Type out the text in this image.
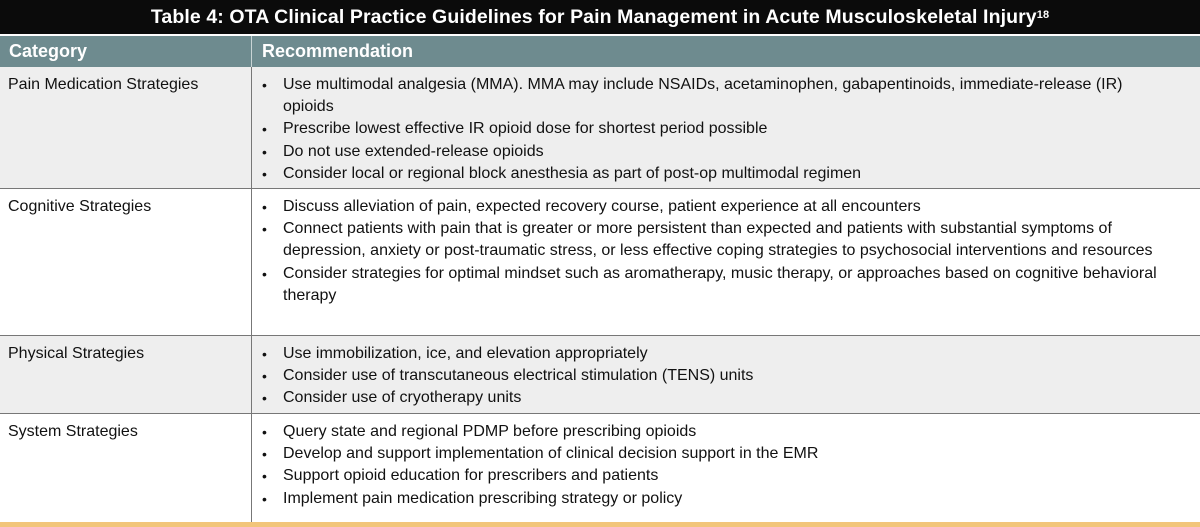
Table 4: OTA Clinical Practice Guidelines for Pain Management in Acute Musculoskeletal Injury$^{18}$
Category	Recommendation
Pain Medication Strategies	• Use multimodal analgesia (MMA). MMA may include NSAIDs, acetaminophen, gabapentinoids, immediate-release (IR) opioids
• Prescribe lowest effective IR opioid dose for shortest period possible
• Do not use extended-release opioids
• Consider local or regional block anesthesia as part of post-op multimodal regimen
Cognitive Strategies	• Discuss alleviation of pain, expected recovery course, patient experience at all encounters
• Connect patients with pain that is greater or more persistent than expected and patients with substantial symptoms of depression, anxiety or post-traumatic stress, or less effective coping strategies to psychosocial interventions and resources
• Consider strategies for optimal mindset such as aromatherapy, music therapy, or approaches based on cognitive behavioral therapy
Physical Strategies	• Use immobilization, ice, and elevation appropriately
• Consider use of transcutaneous electrical stimulation (TENS) units
• Consider use of cryotherapy units
System Strategies	• Query state and regional PDMP before prescribing opioids
• Develop and support implementation of clinical decision support in the EMR
• Support opioid education for prescribers and patients
• Implement pain medication prescribing strategy or policy
